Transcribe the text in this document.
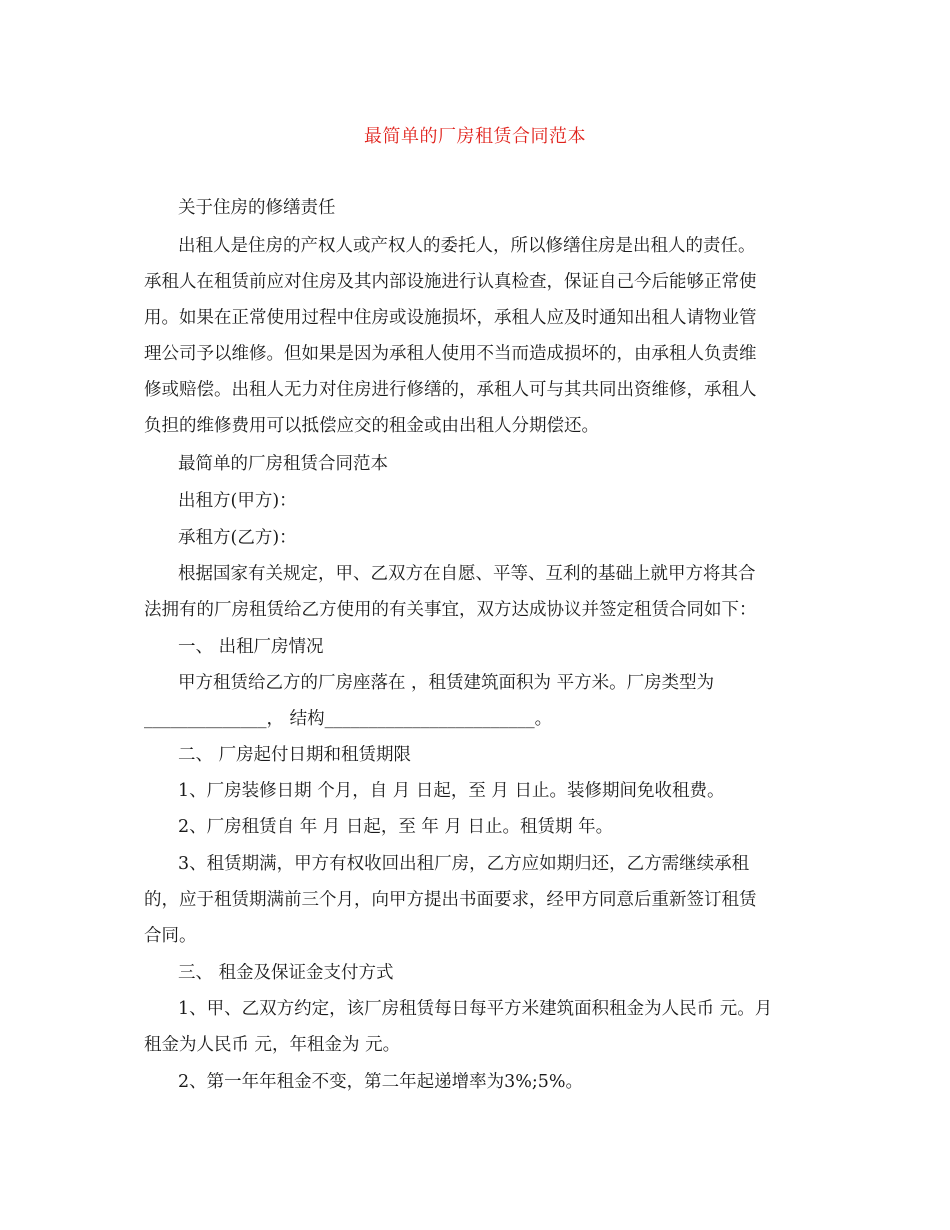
最简单的厂房租赁合同范本
关于住房的修缮责任
出租人是住房的产权人或产权人的委托人，所以修缮住房是出租人的责任。
承租人在租赁前应对住房及其内部设施进行认真检查，保证自己今后能够正常使
用。如果在正常使用过程中住房或设施损坏，承租人应及时通知出租人请物业管
理公司予以维修。但如果是因为承租人使用不当而造成损坏的，由承租人负责维
修或赔偿。出租人无力对住房进行修缮的，承租人可与其共同出资维修，承租人
负担的维修费用可以抵偿应交的租金或由出租人分期偿还。
最简单的厂房租赁合同范本
出租方(甲方)：
承租方(乙方)：
根据国家有关规定，甲、乙双方在自愿、平等、互利的基础上就甲方将其合
法拥有的厂房租赁给乙方使用的有关事宜，双方达成协议并签定租赁合同如下：
一、 出租厂房情况
甲方租赁给乙方的厂房座落在 ，租赁建筑面积为 平方米。厂房类型为
______________， 结构________________________。
二、 厂房起付日期和租赁期限
1、厂房装修日期 个月，自 月 日起，至 月 日止。装修期间免收租费。
2、厂房租赁自 年 月 日起，至 年 月 日止。租赁期 年。
3、租赁期满，甲方有权收回出租厂房，乙方应如期归还，乙方需继续承租
的，应于租赁期满前三个月，向甲方提出书面要求，经甲方同意后重新签订租赁
合同。
三、 租金及保证金支付方式
1、甲、乙双方约定，该厂房租赁每日每平方米建筑面积租金为人民币 元。月
租金为人民币 元，年租金为 元。
2、第一年年租金不变，第二年起递增率为3%;5%。
